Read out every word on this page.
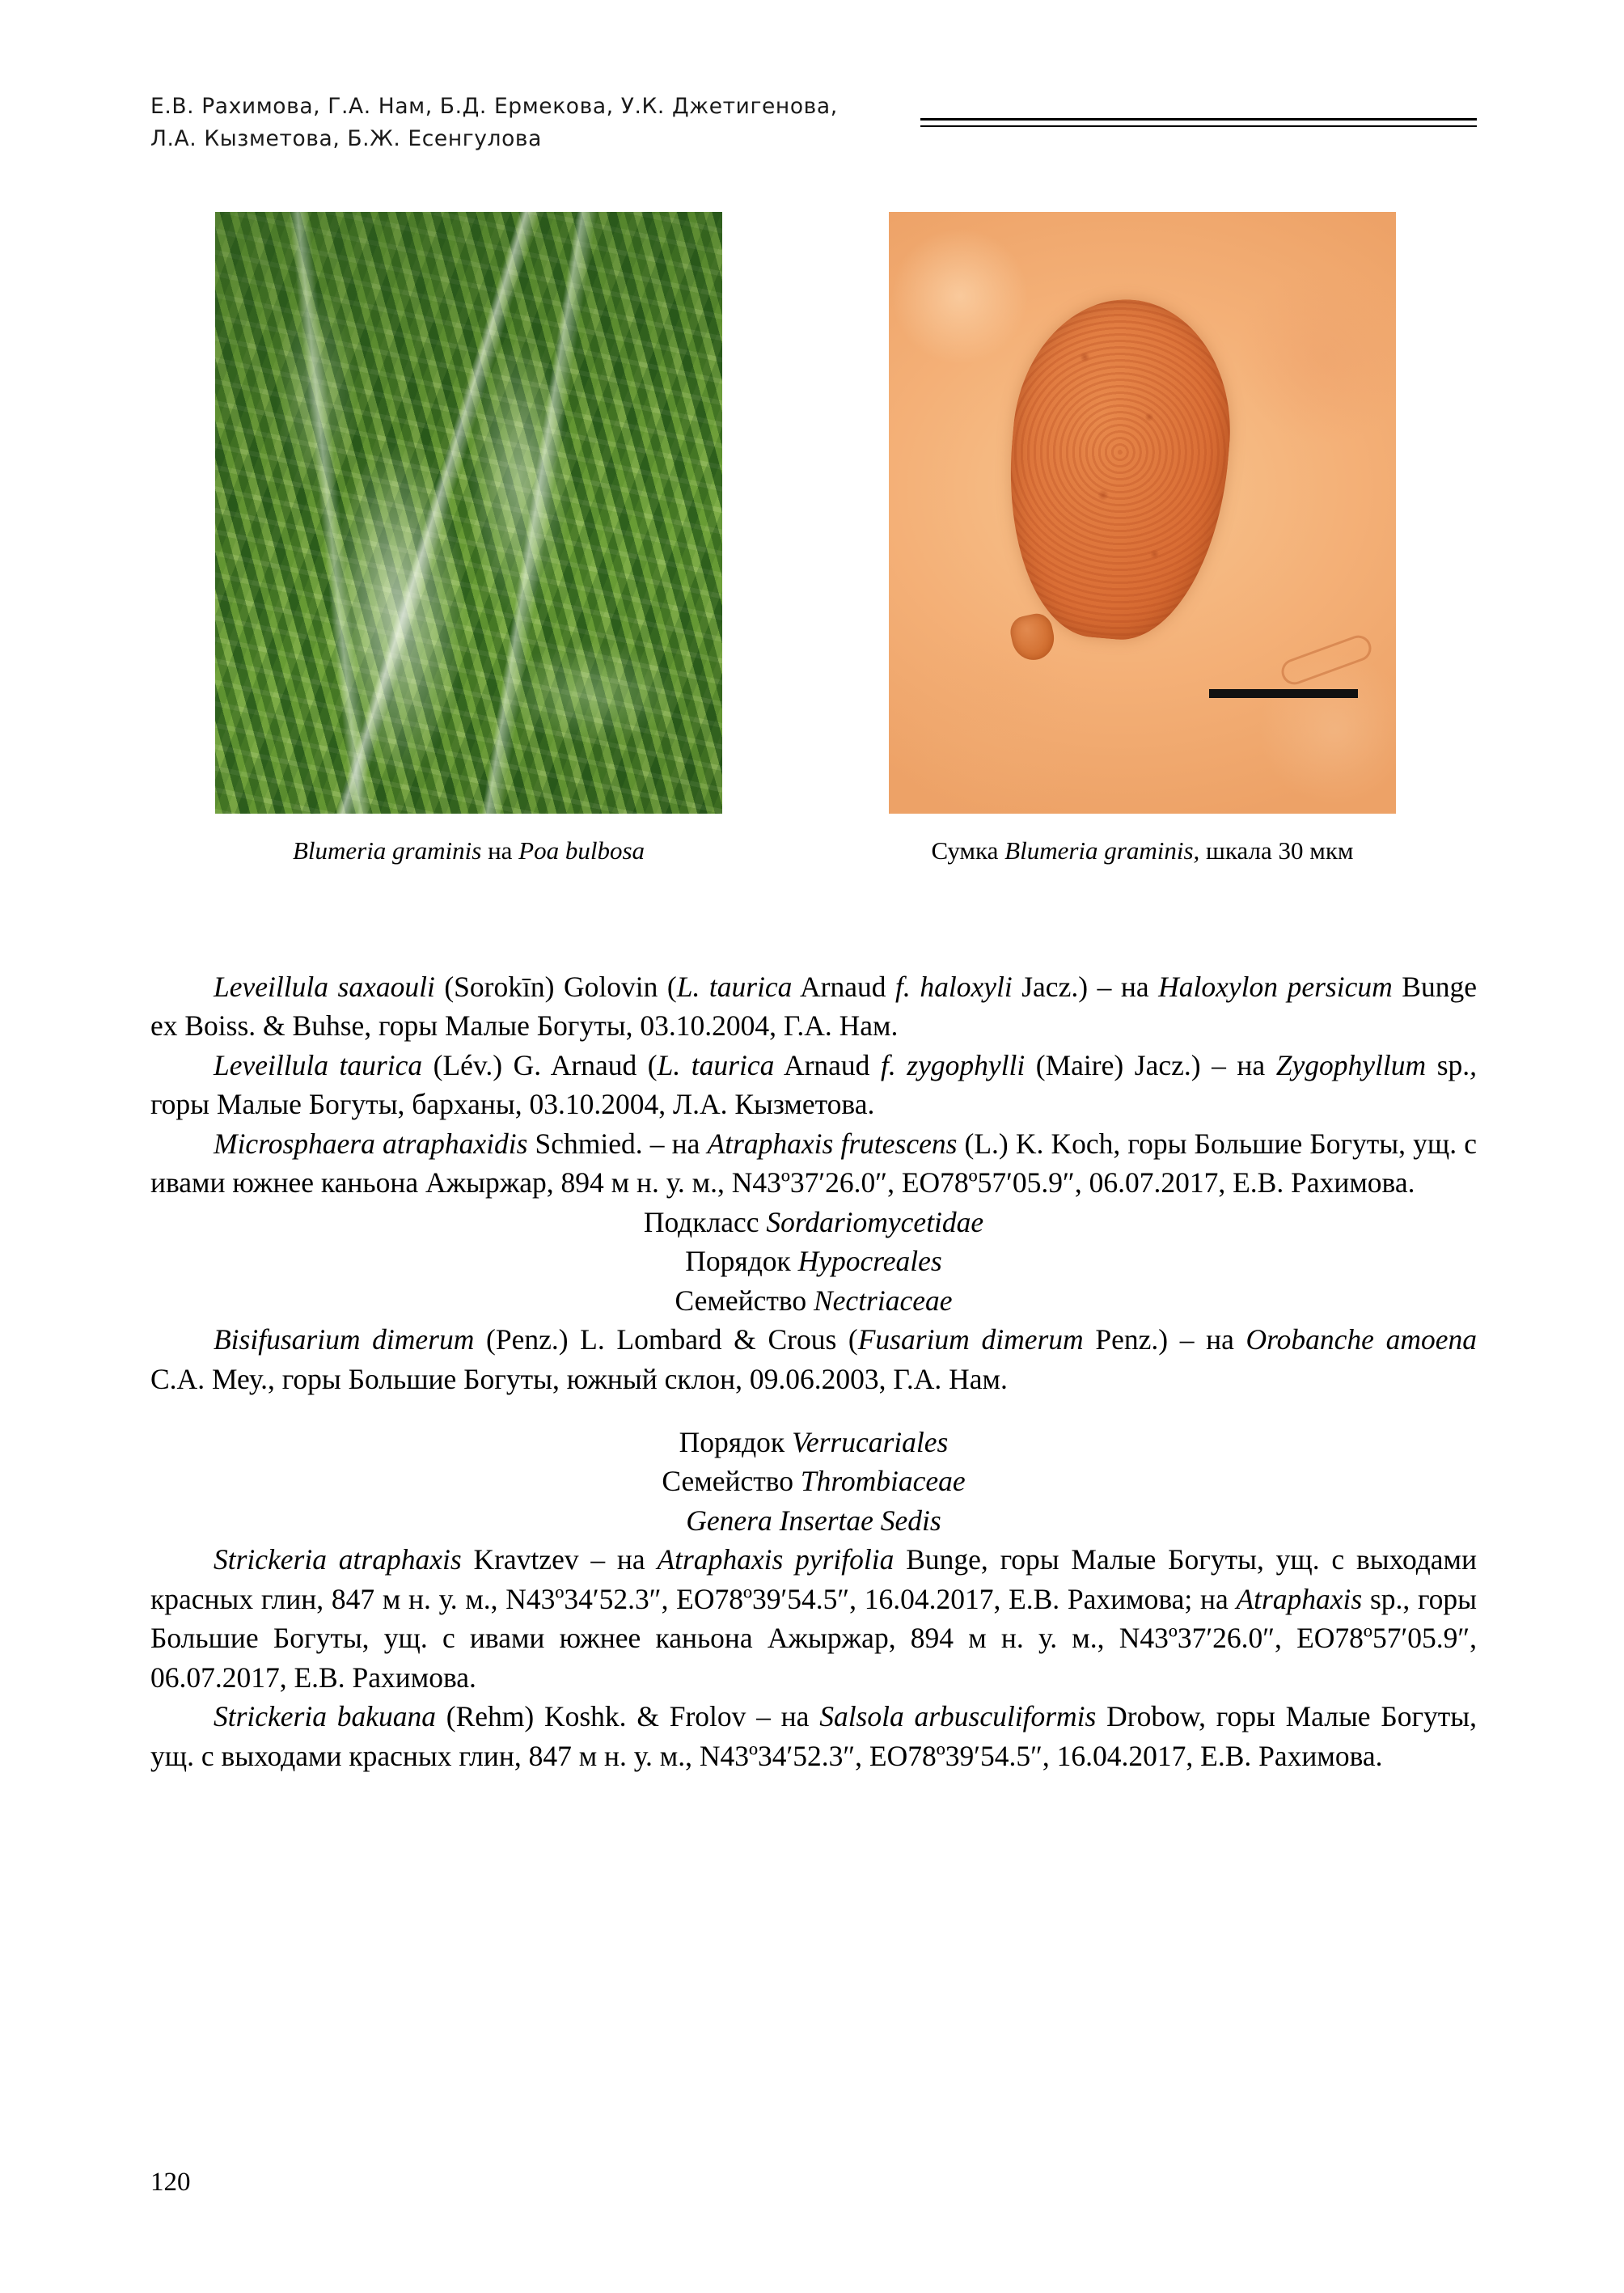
Е.В. Рахимова, Г.А. Нам, Б.Д. Ермекова, У.К. Джетигенова,
Л.А. Кызметова, Б.Ж. Есенгулова
Blumeria graminis на Poa bulbosa	Сумка Blumeria graminis, шкала 30 мкм

Leveillula saxaouli (Sorokīn) Golovin (L. taurica Arnaud f. haloxyli Jacz.) – на Haloxylon persicum Bunge ex Boiss. & Buhse, горы Малые Богуты, 03.10.2004, Г.А. Нам.

Leveillula taurica (Lév.) G. Arnaud (L. taurica Arnaud f. zygophylli (Maire) Jacz.) – на Zygophyllum sp., горы Малые Богуты, барханы, 03.10.2004, Л.А. Кызметова.

Microsphaera atraphaxidis Schmied. – на Atraphaxis frutescens (L.) K. Koch, горы Большие Богуты, ущ. с ивами южнее каньона Ажыржар, 894 м н. у. м., N43º37′26.0″, EO78º57′05.9″, 06.07.2017, Е.В. Рахимова.

Подкласс Sordariomycetidae

Порядок Hypocreales

Семейство Nectriaceae

Bisifusarium dimerum (Penz.) L. Lombard & Crous (Fusarium dimerum Penz.) – на Orobanche amoena C.A. Меу., горы Большие Богуты, южный склон, 09.06.2003, Г.А. Нам.

Порядок Verrucariales

Семейство Thrombiaceae

Genera Insertae Sedis

Strickeria atraphaxis Kravtzev – на Atraphaxis pyrifolia Bunge, горы Малые Богуты, ущ. с выходами красных глин, 847 м н. у. м., N43º34′52.3″, EO78º39′54.5″, 16.04.2017, Е.В. Рахимова; на Atraphaxis sp., горы Большие Богуты, ущ. с ивами южнее каньона Ажыржар, 894 м н. у. м., N43º37′26.0″, EO78º57′05.9″, 06.07.2017, Е.В. Рахимова.

Strickeria bakuana (Rehm) Koshk. & Frolov – на Salsola arbusculiformis Drobow, горы Малые Богуты, ущ. с выходами красных глин, 847 м н. у. м., N43º34′52.3″, EO78º39′54.5″, 16.04.2017, Е.В. Рахимова.

120
